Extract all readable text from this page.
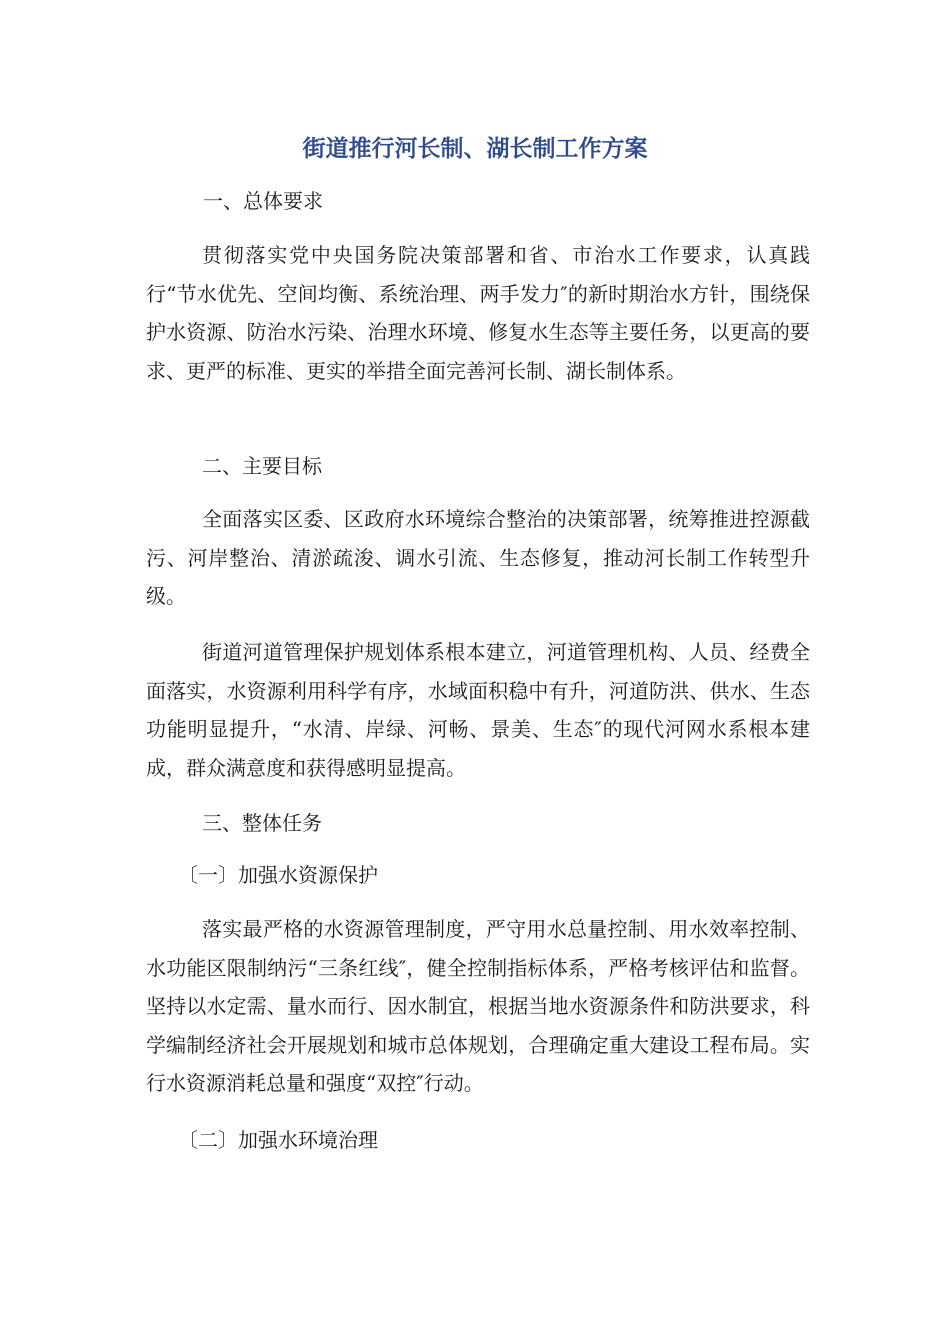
街道推行河长制、湖长制工作方案
一、总体要求

贯彻落实党中央国务院决策部署和省、市治水工作要求，认真践行“节水优先、空间均衡、系统治理、两手发力″的新时期治水方针，围绕保护水资源、防治水污染、治理水环境、修复水生态等主要任务，以更高的要求、更严的标准、更实的举措全面完善河长制、湖长制体系。

二、主要目标

全面落实区委、区政府水环境综合整治的决策部署，统筹推进控源截污、河岸整治、清淤疏浚、调水引流、生态修复，推动河长制工作转型升级。

街道河道管理保护规划体系根本建立，河道管理机构、人员、经费全面落实，水资源利用科学有序，水域面积稳中有升，河道防洪、供水、生态功能明显提升，“水清、岸绿、河畅、景美、生态″的现代河网水系根本建成，群众满意度和获得感明显提高。

三、整体任务
〔一〕加强水资源保护

落实最严格的水资源管理制度，严守用水总量控制、用水效率控制、水功能区限制纳污“三条红线″，健全控制指标体系，严格考核评估和监督。坚持以水定需、量水而行、因水制宜，根据当地水资源条件和防洪要求，科学编制经济社会开展规划和城市总体规划，合理确定重大建设工程布局。实行水资源消耗总量和强度“双控″行动。

〔二〕加强水环境治理
